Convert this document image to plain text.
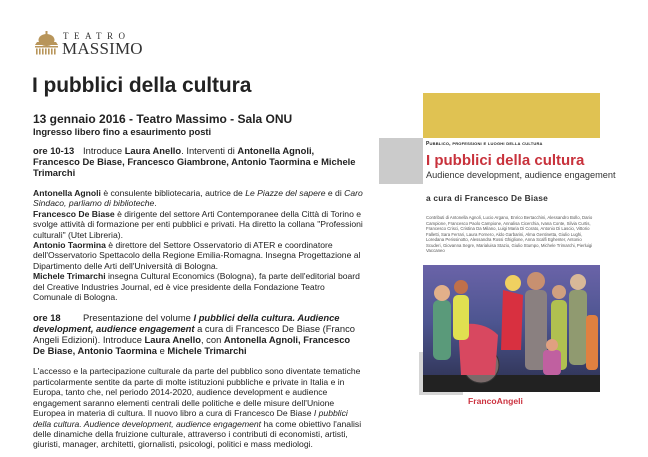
TEATRO
MASSIMO
I pubblici della cultura

13 gennaio 2016 - Teatro Massimo - Sala ONU

Ingresso libero fino a esaurimento posti

ore 10-13 Introduce Laura Anello. Interventi di Antonella Agnoli, Francesco De Biase, Francesco Giambrone, Antonio Taormina e Michele Trimarchi

Antonella Agnoli è consulente bibliotecaria, autrice de Le Piazze del sapere e di Caro Sindaco, parliamo di biblioteche.

Francesco De Biase è dirigente del settore Arti Contemporanee della Città di Torino e svolge attività di formazione per enti pubblici e privati. Ha diretto la collana "Professioni culturali" (Utet Libreria).

Antonio Taormina è direttore del Settore Osservatorio di ATER e coordinatore dell'Osservatorio Spettacolo della Regione Emilia-Romagna. Insegna Progettazione al Dipartimento delle Arti dell'Università di Bologna.

Michele Trimarchi insegna Cultural Economics (Bologna), fa parte dell'editorial board del Creative Industries Journal, ed è vice presidente della Fondazione Teatro Comunale di Bologna.

ore 18 Presentazione del volume I pubblici della cultura. Audience development, audience engagement a cura di Francesco De Biase (Franco Angeli Edizioni). Introduce Laura Anello, con Antonella Agnoli, Francesco De Biase, Antonio Taormina e Michele Trimarchi

L'accesso e la partecipazione culturale da parte del pubblico sono diventate tematiche particolarmente sentite da parte di molte istituzioni pubbliche e private in Italia e in Europa, tanto che, nel periodo 2014-2020, audience development e audience engagement saranno elementi centrali delle politiche e delle misure dell'Unione Europea in materia di cultura. Il nuovo libro a cura di Francesco De Biase I pubblici della cultura. Audience development, audience engagement ha come obiettivo l'analisi delle dinamiche della fruizione culturale, attraverso i contributi di economisti, artisti, giuristi, manager, architetti, giornalisti, psicologi, politici e mass mediologi.

Pubblico, professioni e luoghi della cultura
I pubblici della cultura
Audience development, audience engagement
a cura di Francesco De Biase
Contributi di Antonella Agnoli, Lucio Argano, Enrico Bertacchini, Alessandro Bollo, Dario Campione, Francesco Paolo Campione, Annalisa Cicerchia, Ivana Conte, Silvia Curtis, Francesco Crisci, Cristina Da Milano, Luigi Maria Di Corato, Antonio Di Lascio, Vittorio Falletti, Sara Ferrari, Laura Fornero, Aldo Garbarini, Alma Gentinetta, Giulio Lughi, Loredana Perissinotto, Alessandra Rossi Ghiglione, Anna Scalfi Eghenter, Antonio Scuderi, Giovanna Segre, Marialuisa Stazio, Giulio Stumpo, Michele Trimarchi, Pierluigi Vaccaneo
FrancoAngeli
